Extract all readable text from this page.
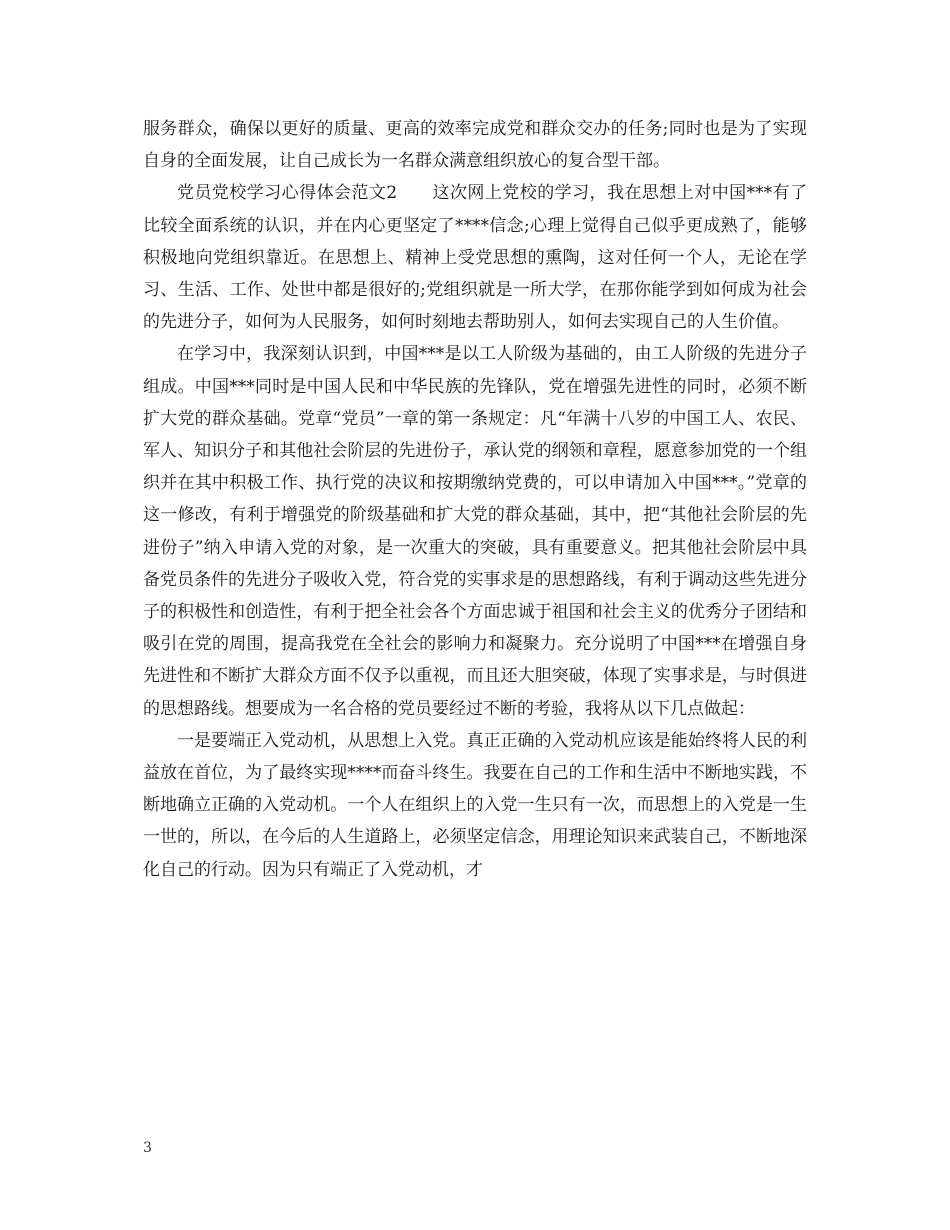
服务群众，确保以更好的质量、更高的效率完成党和群众交办的任务;同时也是为了实现自身的全面发展，让自己成长为一名群众满意组织放心的复合型干部。

党员党校学习心得体会范文2　　这次网上党校的学习，我在思想上对中国***有了比较全面系统的认识，并在内心更坚定了****信念;心理上觉得自己似乎更成熟了，能够积极地向党组织靠近。在思想上、精神上受党思想的熏陶，这对任何一个人，无论在学习、生活、工作、处世中都是很好的;党组织就是一所大学，在那你能学到如何成为社会的先进分子，如何为人民服务，如何时刻地去帮助别人，如何去实现自己的人生价值。

在学习中，我深刻认识到，中国***是以工人阶级为基础的，由工人阶级的先进分子组成。中国***同时是中国人民和中华民族的先锋队，党在增强先进性的同时，必须不断扩大党的群众基础。党章“党员”一章的第一条规定：凡“年满十八岁的中国工人、农民、军人、知识分子和其他社会阶层的先进份子，承认党的纲领和章程，愿意参加党的一个组织并在其中积极工作、执行党的决议和按期缴纳党费的，可以申请加入中国***。”党章的这一修改，有利于增强党的阶级基础和扩大党的群众基础，其中，把“其他社会阶层的先进份子”纳入申请入党的对象，是一次重大的突破，具有重要意义。把其他社会阶层中具备党员条件的先进分子吸收入党，符合党的实事求是的思想路线，有利于调动这些先进分子的积极性和创造性，有利于把全社会各个方面忠诚于祖国和社会主义的优秀分子团结和吸引在党的周围，提高我党在全社会的影响力和凝聚力。充分说明了中国***在增强自身先进性和不断扩大群众方面不仅予以重视，而且还大胆突破，体现了实事求是，与时俱进的思想路线。想要成为一名合格的党员要经过不断的考验，我将从以下几点做起：

一是要端正入党动机，从思想上入党。真正正确的入党动机应该是能始终将人民的利益放在首位，为了最终实现****而奋斗终生。我要在自己的工作和生活中不断地实践，不断地确立正确的入党动机。一个人在组织上的入党一生只有一次，而思想上的入党是一生一世的，所以，在今后的人生道路上，必须坚定信念，用理论知识来武装自己，不断地深化自己的行动。因为只有端正了入党动机，才

3
